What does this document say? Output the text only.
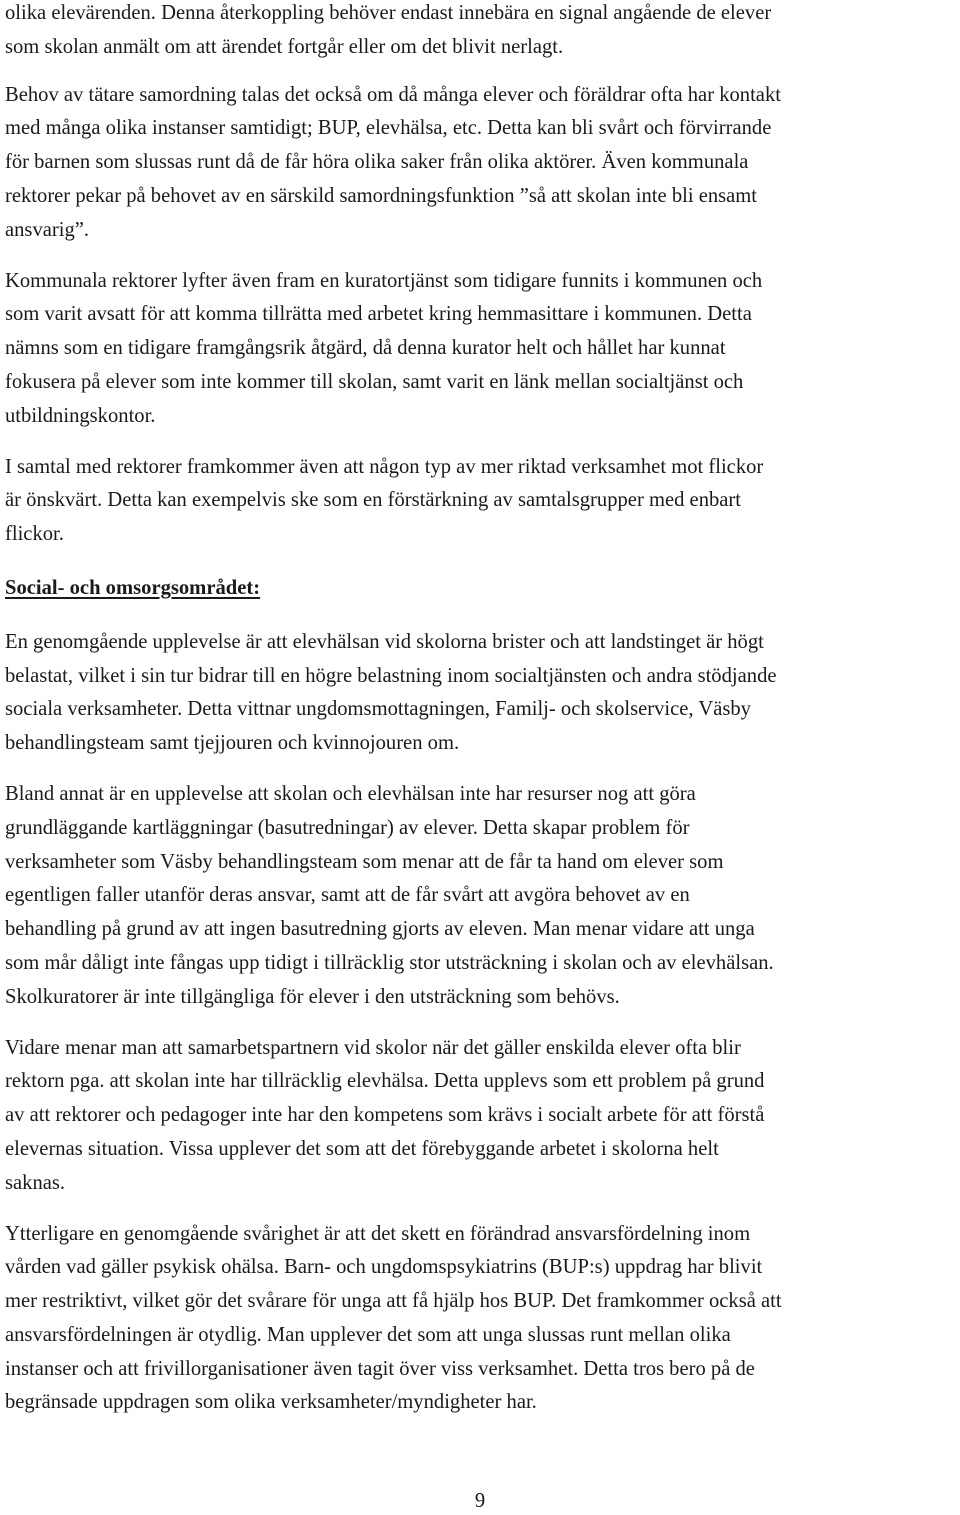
olika elevärenden. Denna återkoppling behöver endast innebära en signal angående de elever
som skolan anmält om att ärendet fortgår eller om det blivit nerlagt.

Behov av tätare samordning talas det också om då många elever och föräldrar ofta har kontakt
med många olika instanser samtidigt; BUP, elevhälsa, etc. Detta kan bli svårt och förvirrande
för barnen som slussas runt då de får höra olika saker från olika aktörer. Även kommunala
rektorer pekar på behovet av en särskild samordningsfunktion ”så att skolan inte bli ensamt
ansvarig”.

Kommunala rektorer lyfter även fram en kuratortjänst som tidigare funnits i kommunen och
som varit avsatt för att komma tillrätta med arbetet kring hemmasittare i kommunen. Detta
nämns som en tidigare framgångsrik åtgärd, då denna kurator helt och hållet har kunnat
fokusera på elever som inte kommer till skolan, samt varit en länk mellan socialtjänst och
utbildningskontor.

I samtal med rektorer framkommer även att någon typ av mer riktad verksamhet mot flickor
är önskvärt. Detta kan exempelvis ske som en förstärkning av samtalsgrupper med enbart
flickor.

Social- och omsorgsområdet:

En genomgående upplevelse är att elevhälsan vid skolorna brister och att landstinget är högt
belastat, vilket i sin tur bidrar till en högre belastning inom socialtjänsten och andra stödjande
sociala verksamheter. Detta vittnar ungdomsmottagningen, Familj- och skolservice, Väsby
behandlingsteam samt tjejjouren och kvinnojouren om.

Bland annat är en upplevelse att skolan och elevhälsan inte har resurser nog att göra
grundläggande kartläggningar (basutredningar) av elever. Detta skapar problem för
verksamheter som Väsby behandlingsteam som menar att de får ta hand om elever som
egentligen faller utanför deras ansvar, samt att de får svårt att avgöra behovet av en
behandling på grund av att ingen basutredning gjorts av eleven. Man menar vidare att unga
som mår dåligt inte fångas upp tidigt i tillräcklig stor utsträckning i skolan och av elevhälsan.
Skolkuratorer är inte tillgängliga för elever i den utsträckning som behövs.

Vidare menar man att samarbetspartnern vid skolor när det gäller enskilda elever ofta blir
rektorn pga. att skolan inte har tillräcklig elevhälsa. Detta upplevs som ett problem på grund
av att rektorer och pedagoger inte har den kompetens som krävs i socialt arbete för att förstå
elevernas situation. Vissa upplever det som att det förebyggande arbetet i skolorna helt
saknas.

Ytterligare en genomgående svårighet är att det skett en förändrad ansvarsfördelning inom
vården vad gäller psykisk ohälsa. Barn- och ungdomspsykiatrins (BUP:s) uppdrag har blivit
mer restriktivt, vilket gör det svårare för unga att få hjälp hos BUP. Det framkommer också att
ansvarsfördelningen är otydlig. Man upplever det som att unga slussas runt mellan olika
instanser och att frivillorganisationer även tagit över viss verksamhet. Detta tros bero på de
begränsade uppdragen som olika verksamheter/myndigheter har.

9
